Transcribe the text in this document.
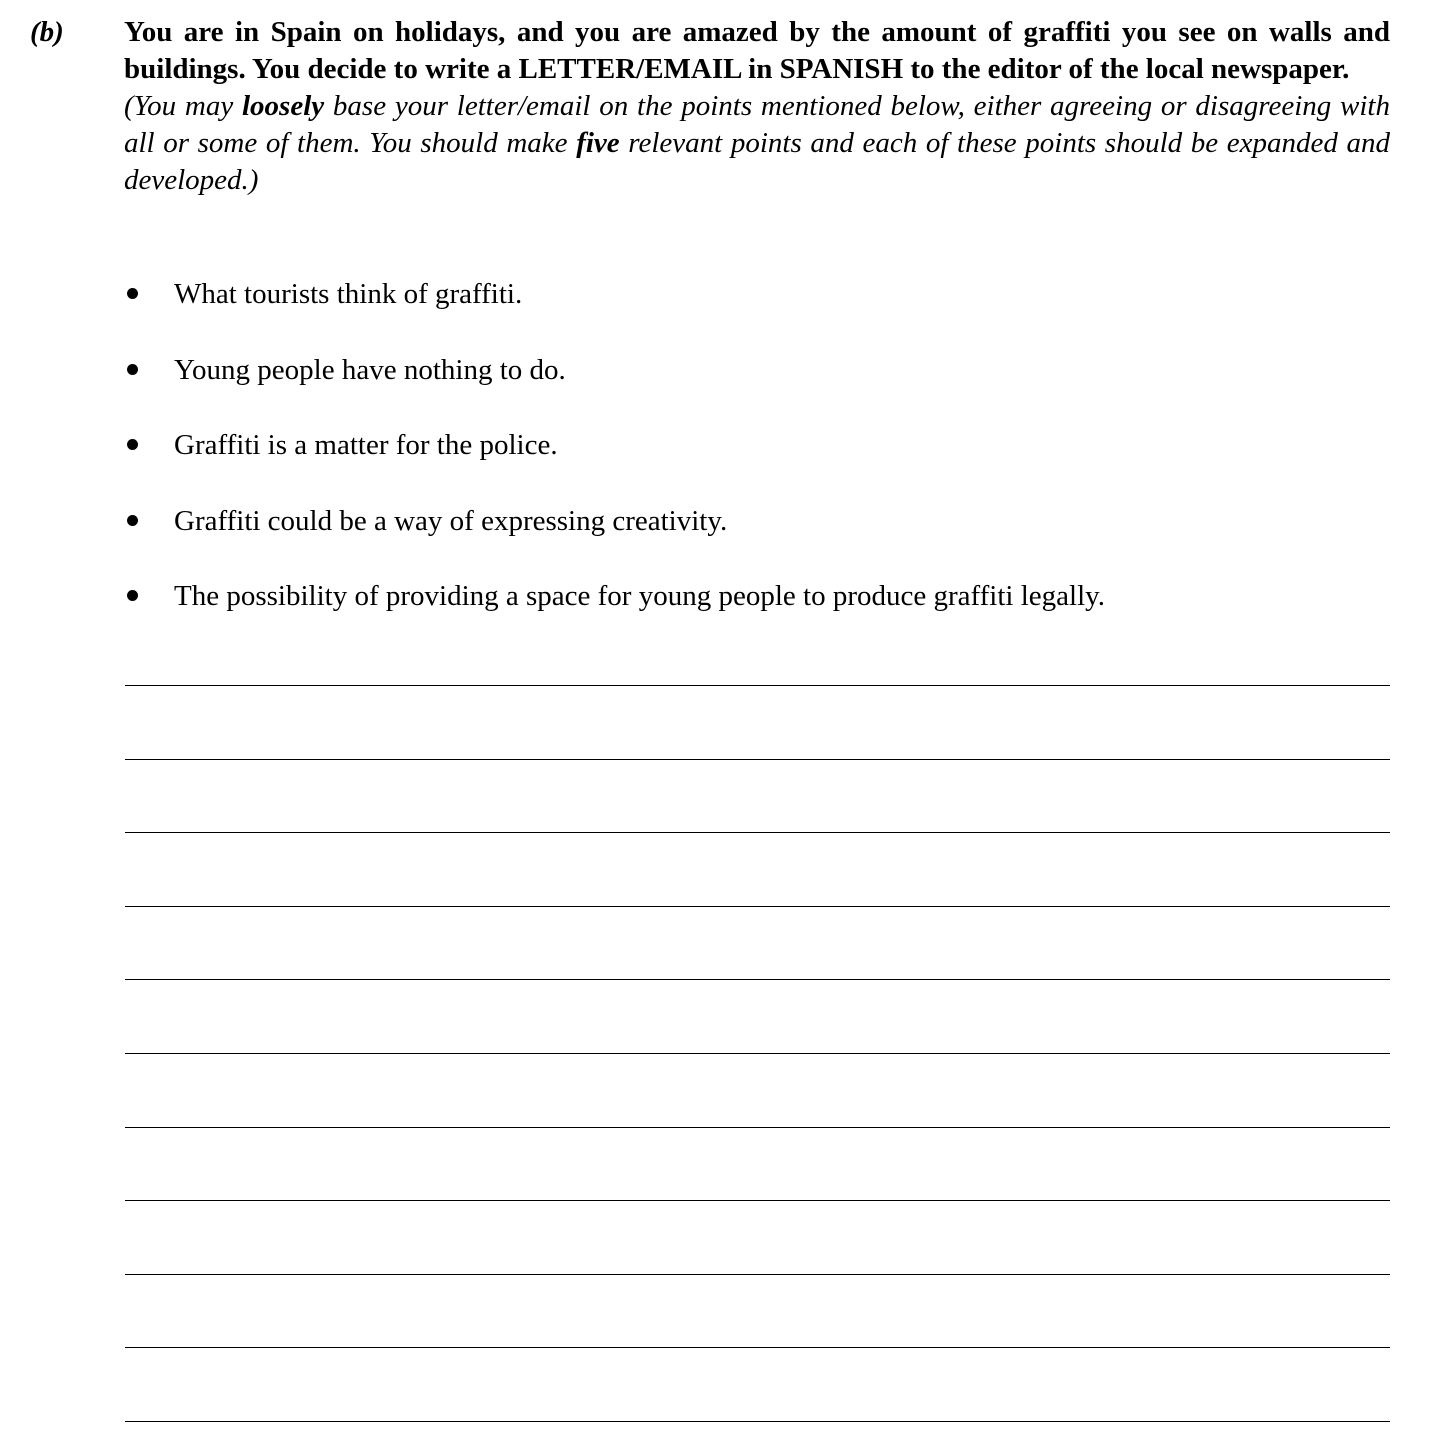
(b) You are in Spain on holidays, and you are amazed by the amount of graffiti you see on walls and buildings. You decide to write a LETTER/EMAIL in SPANISH to the editor of the local newspaper.

(You may loosely base your letter/email on the points mentioned below, either agreeing or disagreeing with all or some of them. You should make five relevant points and each of these points should be expanded and developed.)

What tourists think of graffiti.
Young people have nothing to do.
Graffiti is a matter for the police.
Graffiti could be a way of expressing creativity.
The possibility of providing a space for young people to produce graffiti legally.
